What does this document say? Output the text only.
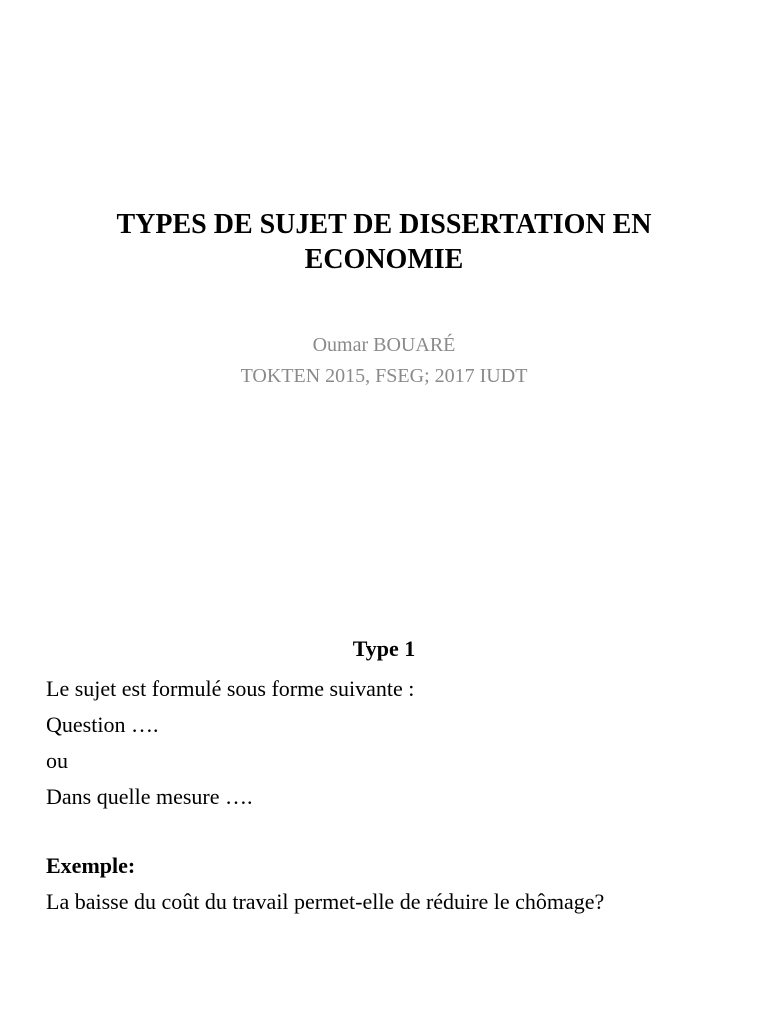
TYPES DE SUJET DE DISSERTATION EN
ECONOMIE
Oumar BOUARÉ
TOKTEN 2015, FSEG; 2017 IUDT
Type 1
Le sujet est formulé sous forme suivante :
Question ….
ou
Dans quelle mesure ….
Exemple:
La baisse du coût du travail permet-elle de réduire le chômage?
